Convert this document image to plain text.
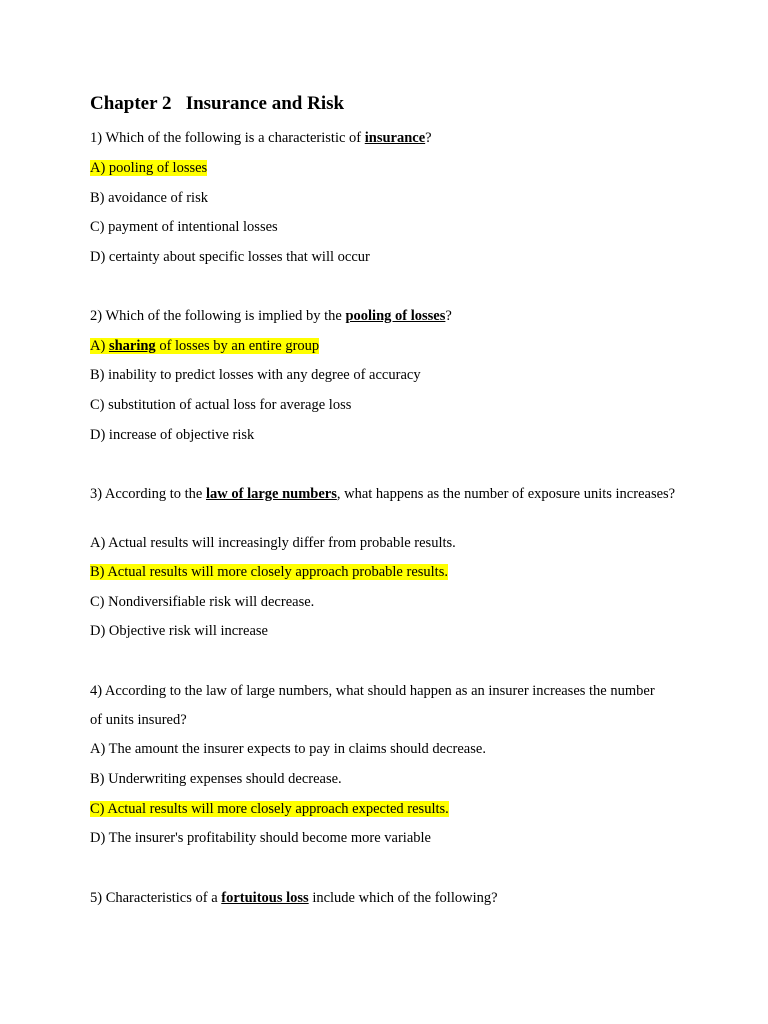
Chapter 2   Insurance and Risk

1) Which of the following is a characteristic of insurance?

A) pooling of losses

B) avoidance of risk

C) payment of intentional losses

D) certainty about specific losses that will occur

2) Which of the following is implied by the pooling of losses?

A) sharing of losses by an entire group

B) inability to predict losses with any degree of accuracy

C) substitution of actual loss for average loss

D) increase of objective risk

3) According to the law of large numbers, what happens as the number of exposure units increases?

A) Actual results will increasingly differ from probable results.

B) Actual results will more closely approach probable results.

C) Nondiversifiable risk will decrease.

D) Objective risk will increase

4) According to the law of large numbers, what should happen as an insurer increases the number

of units insured?

A) The amount the insurer expects to pay in claims should decrease.

B) Underwriting expenses should decrease.

C) Actual results will more closely approach expected results.

D) The insurer's profitability should become more variable

5) Characteristics of a fortuitous loss include which of the following?
